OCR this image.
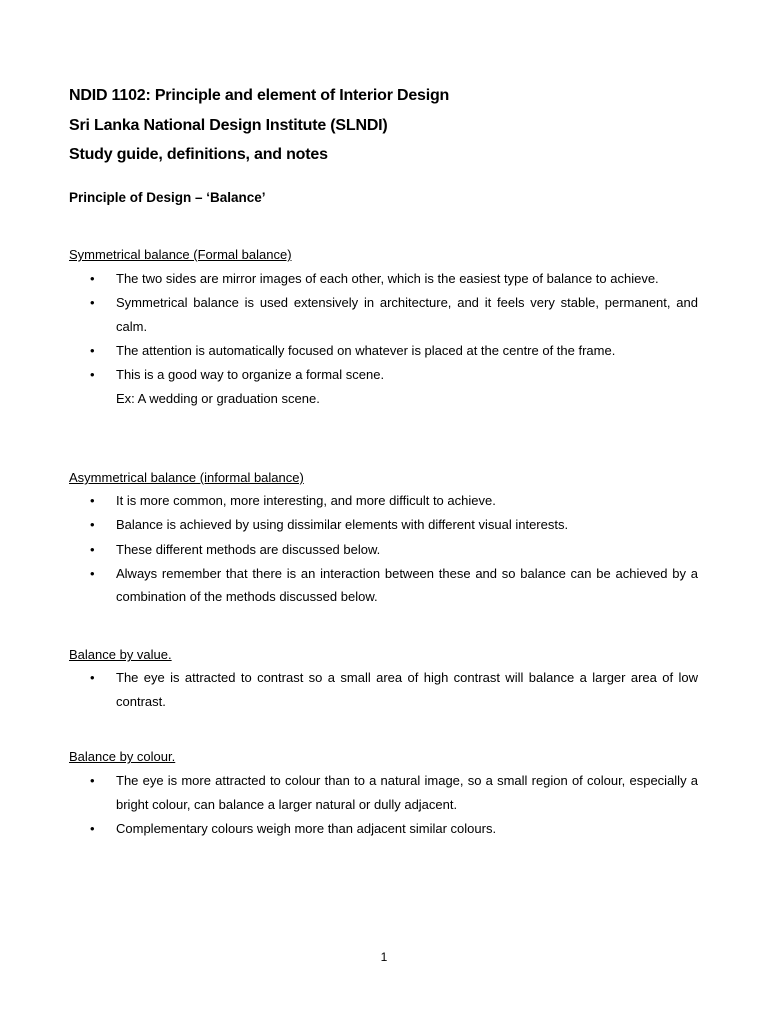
NDID 1102: Principle and element of Interior Design
Sri Lanka National Design Institute (SLNDI)
Study guide, definitions, and notes
Principle of Design – ‘Balance’
Symmetrical balance (Formal balance)
• The two sides are mirror images of each other, which is the easiest type of balance to achieve.
• Symmetrical balance is used extensively in architecture, and it feels very stable, permanent, and calm.
• The attention is automatically focused on whatever is placed at the centre of the frame.
• This is a good way to organize a formal scene.
Ex: A wedding or graduation scene.
Asymmetrical balance (informal balance)
• It is more common, more interesting, and more difficult to achieve.
• Balance is achieved by using dissimilar elements with different visual interests.
• These different methods are discussed below.
• Always remember that there is an interaction between these and so balance can be achieved by a combination of the methods discussed below.
Balance by value.
• The eye is attracted to contrast so a small area of high contrast will balance a larger area of low contrast.
Balance by colour.
• The eye is more attracted to colour than to a natural image, so a small region of colour, especially a bright colour, can balance a larger natural or dully adjacent.
• Complementary colours weigh more than adjacent similar colours.
1
